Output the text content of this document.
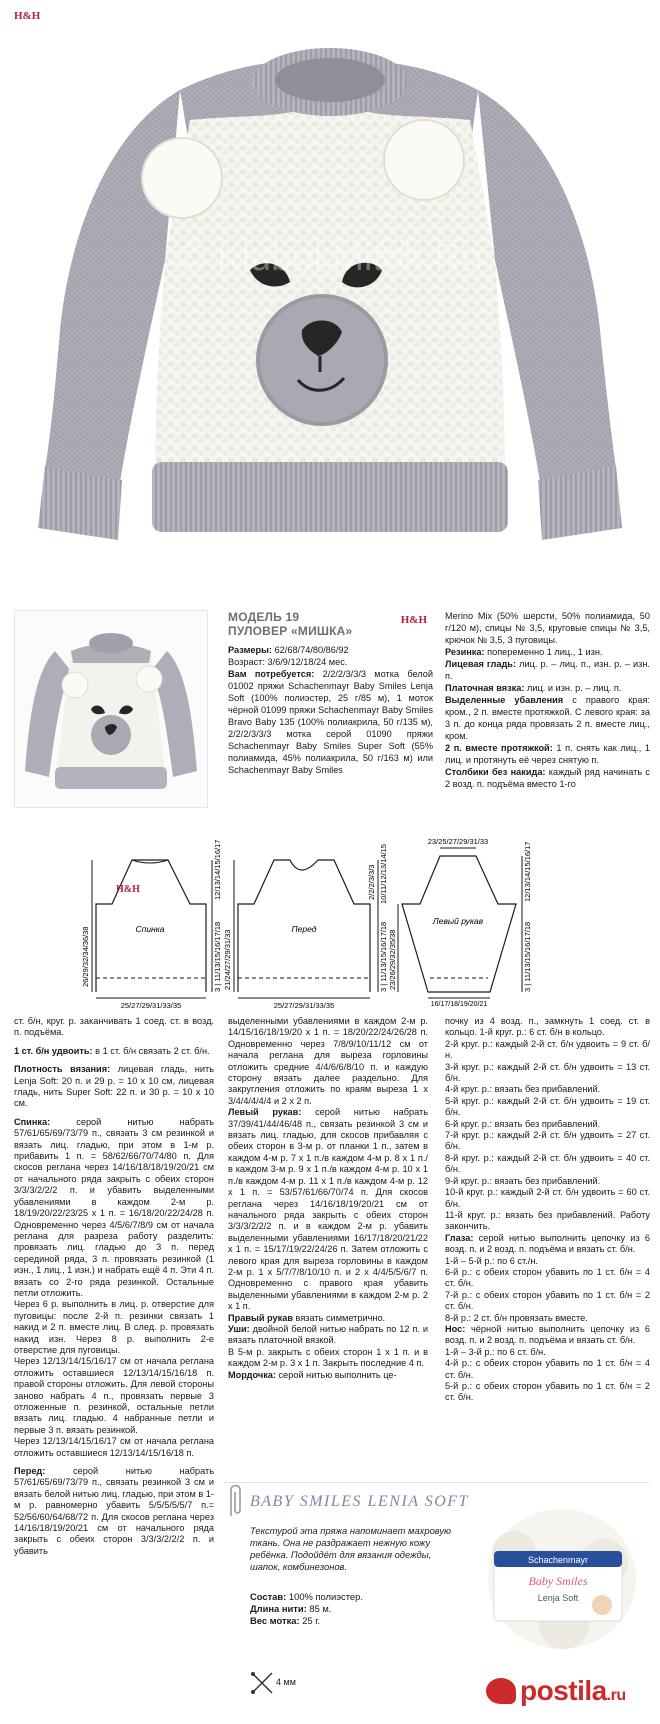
© KlubokMitok.Ru
H&H
МОДЕЛЬ 19
ПУЛОВЕР «МИШКА»
H&H
Размеры: 62/68/74/80/86/92
Возраст: 3/6/9/12/18/24 мес.
Вам потребуется: 2/2/2/3/3/3 мотка белой 01002 пряжи Schachenmayr Baby Smiles Lenja Soft (100% полиэстер, 25 г/85 м), 1 моток чёрной 01099 пряжи Schachenmayr Baby Smiles Bravo Baby 135 (100% полиакрила, 50 г/135 м), 2/2/2/3/3/3 мотка серой 01090 пряжи Schachenmayr Baby Smiles Super Soft (55% полиамида, 45% полиакрила, 50 г/163 м) или Schachenmayr Baby Smiles
Merino Mix (50% шерсти, 50% полиамида, 50 г/120 м), спицы № 3,5, круговые спицы № 3,5, крючок № 3,5, 3 пуговицы.
Резинка: попеременно 1 лиц., 1 изн.
Лицевая гладь: лиц. р. – лиц. п., изн. р. – изн. п.
Платочная вязка: лиц. и изн. р. – лиц. п.
Выделенные убавления с правого края: кром., 2 п. вместе протяжкой. С левого края: за 3 п. до конца ряда провязать 2 п. вместе лиц., кром.
2 п. вместе протяжкой: 1 п. снять как лиц., 1 лиц. и протянуть её через снятую п.
Столбики без накида: каждый ряд начинать с 2 возд. п. подъёма вместо 1-го
Спинка
H&H
26/29/32/34/36/38
12/13/14/15/16/17
3 | 11/13/15/16/17/18
25/27/29/31/33/35
Перед
21/24/27/29/31/33
10/11/12/13/14/15
2/2/2/3/3/3
3 | 11/13/15/16/17/18
25/27/29/31/33/35
Левый рукав
23/25/27/29/31/33
23/26/29/32/35/38
12/13/14/15/16/17
3 | 11/13/15/16/17/18
16/17/18/19/20/21

ст. б/н, круг. р. заканчивать 1 соед. ст. в возд. п. подъёма.

1 ст. б/н удвоить: в 1 ст. б/н связать 2 ст. б/н.

Плотность вязания: лицевая гладь, нить Lenja Soft: 20 п. и 29 р. = 10 х 10 см, лицевая гладь, нить Super Soft: 22 п. и 30 р. = 10 х 10 см.

Спинка:	серой нитью набрать 57/61/65/69/73/79 п., связать 3 см резинкой и вязать лиц. гладью, при этом в 1-м р. прибавить 1 п. = 58/62/66/70/74/80 п. Для скосов реглана через 14/16/18/18/19/20/21 см от начального ряда закрыть с обеих сторон 3/3/3/2/2/2 п. и убавить выделенными убавлениями в каждом 2-м р. 18/19/20/22/23/25 х 1 п. = 16/18/20/22/24/28 п. Одновременно через 4/5/6/7/8/9 см от начала реглана для разреза работу разделить: провязать лиц. гладью до 3 п. перед серединой ряда, 3 п. провязать резинкой (1 изн., 1 лиц., 1 изн.) и набрать ещё 4 п. Эти 4 п. вязать со 2-го ряда резинкой. Остальные петли отложить.

Через 6 р. выполнить в лиц. р. отверстие для пуговицы: после 2-й п. резинки связать 1 накид и 2 п. вместе лиц. В след. р. провязать накид изн. Через 8 р. выполнить 2-е отверстие для пуговицы.

Через 12/13/14/15/16/17 см от начала реглана отложить оставшиеся 12/13/14/15/16/18 п. правой стороны отложить. Для левой стороны заново набрать 4 п., провязать первые 3 отложенные п. резинкой, остальные петли вязать лиц. гладью. 4 набранные петли и первые 3 п. вязать резинкой.

Через 12/13/14/15/16/17 см от начала реглана отложить оставшиеся 12/13/14/15/16/18 п.

Перед:	серой нитью набрать 57/61/65/69/73/79 п., связать резинкой 3 см и вязать белой нитью лиц. гладью, при этом в 1-м р. равномерно убавить 5/5/5/5/5/7 п.= 52/56/60/64/68/72 п. Для скосов реглана через 14/16/18/19/20/21 см от начального ряда закрыть с обеих сторон 3/3/3/2/2/2 п. и убавить

выделенными убавлениями в каждом 2-м р. 14/15/16/18/19/20 х 1 п. = 18/20/22/24/26/28 п. Одновременно через 7/8/9/10/11/12 см от начала реглана для выреза горловины отложить средние 4/4/6/6/8/10 п. и каждую сторону вязать далее раздельно. Для закругления отложить по краям выреза 1 х 3/4/4/4/4/4 и 2 х 2 п.

Левый рукав: серой нитью набрать 37/39/41/44/46/48 п., связать резинкой 3 см и вязать лиц. гладью, для скосов прибавляя с обеих сторон в 3-м р. от планки 1 п., затем в каждом 4-м р. 7 х 1 п./в каждом 4-м р. 8 х 1 п./в каждом 3-м р. 9 х 1 п./в каждом 4-м р. 10 х 1 п./в каждом 4-м р. 11 х 1 п./в каждом 4-м р. 12 х 1 п. = 53/57/61/66/70/74 п. Для скосов реглана через 14/16/18/19/20/21 см от начального ряда закрыть с обеих сторон 3/3/3/2/2/2 п. и в каждом 2-м р. убавить выделенными убавлениями 16/17/18/20/21/22 х 1 п. = 15/17/19/22/24/26 п. Затем отложить с левого края для выреза горловины в каждом 2-м р. 1 х 5/7/7/8/10/10 п. и 2 х 4/4/5/5/6/7 п. Одновременно с правого края убавить выделенными убавлениями в каждом 2-м р. 2 х 1 п.

Правый рукав вязать симметрично.

Уши: двойной белой нитью набрать по 12 п. и вязать платочной вязкой.

В 5-м р. закрыть с обеих сторон 1 х 1 п. и в каждом 2-м р. 3 х 1 п. Закрыть последние 4 п.

Мордочка: серой нитью выполнить це-

почку из 4 возд. п., замкнуть 1 соед. ст. в кольцо. 1-й круг. р.: 6 ст. б/н в кольцо.

2-й круг. р.: каждый 2-й ст. б/н удвоить = 9 ст. б/н.

3-й круг. р.: каждый 2-й ст. б/н удвоить = 13 ст. б/н.

4-й круг. р.: вязать без прибавлений.

5-й круг. р.: каждый 2-й ст. б/н удвоить = 19 ст. б/н.

6-й круг. р.: вязать без прибавлений.

7-й круг. р.: каждый 2-й ст. б/н удвоить = 27 ст. б/н.

8-й круг. р.: каждый 2-й ст. б/н удвоить = 40 ст. б/н.

9-й круг. р.: вязать без прибавлений.

10-й круг. р.: каждый 2-й ст. б/н удвоить = 60 ст. б/н.

11-й круг. р.: вязать без прибавлений. Работу закончить.

Глаза: серой нитью выполнить цепочку из 6 возд. п. и 2 возд. п. подъёма и вязать ст. б/н.

1-й – 5-й р.: по 6 ст./н.

6-й р.: с обеих сторон убавить по 1 ст. б/н = 4 ст. б/н.

7-й р.: с обеих сторон убавить по 1 ст. б/н = 2 ст. б/н.

8-й р.: 2 ст. б/н провязать вместе.

Нос: чёрной нитью выполнить цепочку из 6 возд. п. и 2 возд. п. подъёма и вязать ст. б/н.

1-й – 3-й р.: по 6 ст. б/н.

4-й р.: с обеих сторон убавить по 1 ст. б/н = 4 ст. б/н.

5-й р.: с обеих сторон убавить по 1 ст. б/н = 2 ст. б/н.

BABY SMILES LENIA SOFT
Текстурой эта пряжа напоминает махровую ткань. Она не раздражает нежную кожу ребёнка. Подойдёт для вязания одежды, шапок, комбинезонов.
Состав: 100% полиэстер.
Длина нити: 85 м.
Вес мотка: 25 г.
4 мм
Schachenmayr
Baby Smiles
Lenja Soft
postila.ru
